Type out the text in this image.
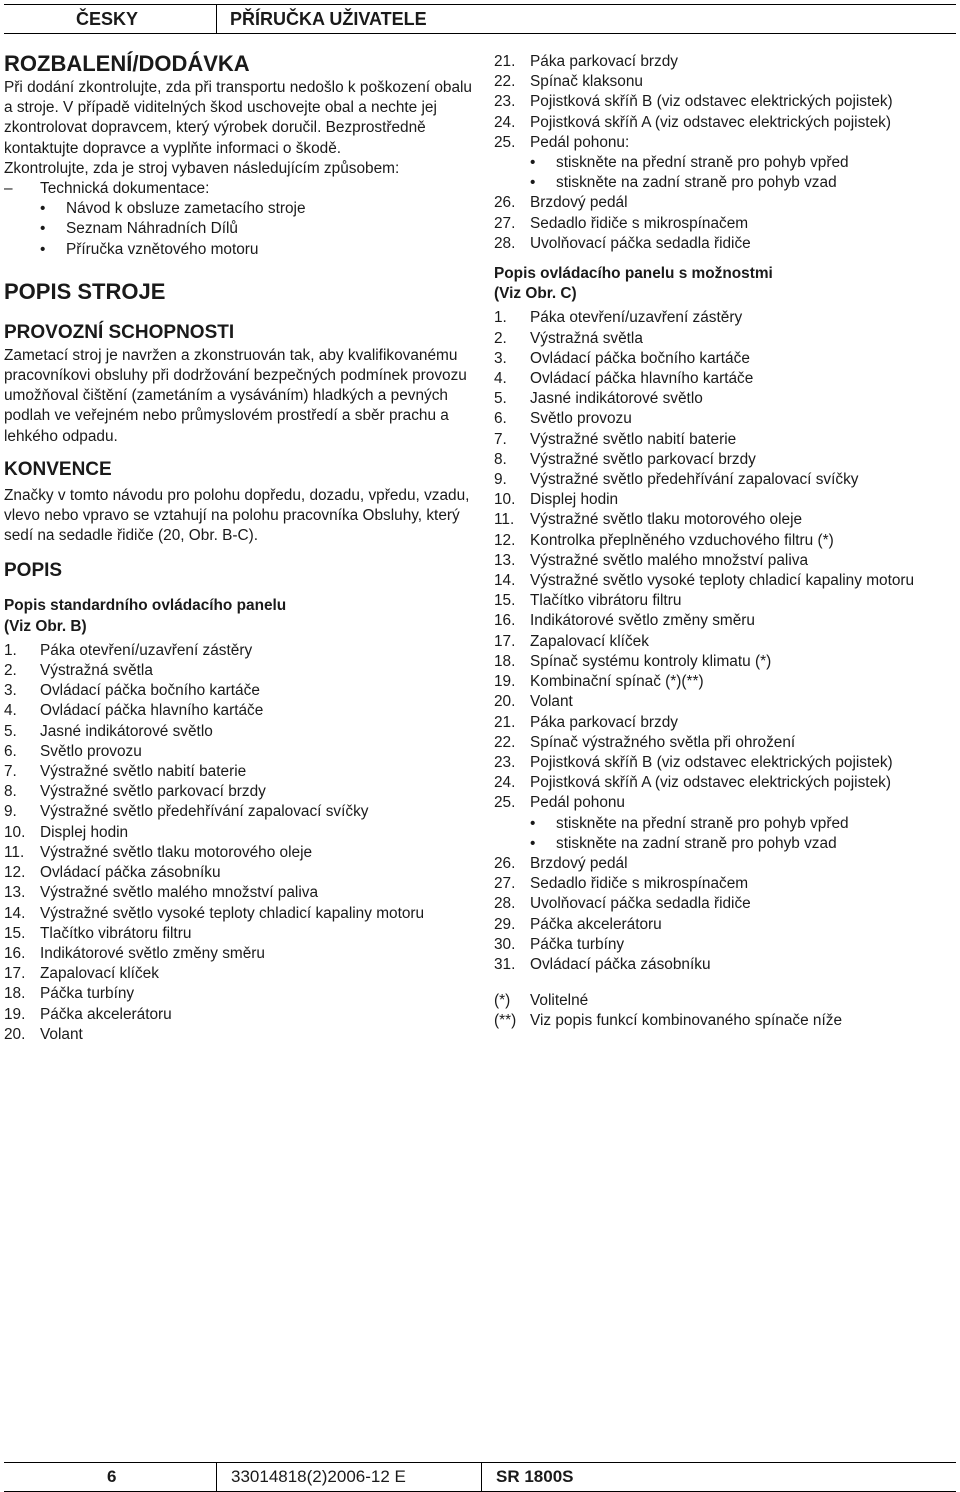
ČESKY	PŘÍRUČKA UŽIVATELE
ROZBALENÍ/DODÁVKA

Při dodání zkontrolujte, zda při transportu nedošlo k poškození obalu a stroje. V případě viditelných škod uschovejte obal a nechte jej zkontrolovat dopravcem, který výrobek doručil. Bezprostředně kontaktujte dopravce a vyplňte informaci o škodě.

Zkontrolujte, zda je stroj vybaven následujícím způsobem:

– Technická dokumentace:
• Návod k obsluze zametacího stroje
• Seznam Náhradních Dílů
• Příručka vznětového motoru
POPIS STROJE
PROVOZNÍ SCHOPNOSTI

Zametací stroj je navržen a zkonstruován tak, aby kvalifikovanému pracovníkovi obsluhy při dodržování bezpečných podmínek provozu umožňoval čištění (zametáním a vysáváním) hladkých a pevných podlah ve veřejném nebo průmyslovém prostředí a sběr prachu a lehkého odpadu.

KONVENCE

Značky v tomto návodu pro polohu dopředu, dozadu, vpředu, vzadu, vlevo nebo vpravo se vztahují na polohu pracovníka Obsluhy, který sedí na sedadle řidiče (20, Obr. B-C).

POPIS
Popis standardního ovládacího panelu
(Viz Obr. B)
1.	Páka otevření/uzavření zástěry
2.	Výstražná světla
3.	Ovládací páčka bočního kartáče
4.	Ovládací páčka hlavního kartáče
5.	Jasné indikátorové světlo
6.	Světlo provozu
7.	Výstražné světlo nabití baterie
8.	Výstražné světlo parkovací brzdy
9.	Výstražné světlo předehřívání zapalovací svíčky
10. Displej hodin
11.	Výstražné světlo tlaku motorového oleje
12. Ovládací páčka zásobníku
13. Výstražné světlo malého množství paliva
14. Výstražné světlo vysoké teploty chladicí kapaliny motoru
15. Tlačítko vibrátoru filtru
16. Indikátorové světlo změny směru
17. Zapalovací klíček
18. Páčka turbíny
19. Páčka akcelerátoru
20. Volant
21. Páka parkovací brzdy
22. Spínač klaksonu
23. Pojistková skříň B (viz odstavec elektrických pojistek)
24. Pojistková skříň A (viz odstavec elektrických pojistek)
25. Pedál pohonu:
• stiskněte na přední straně pro pohyb vpřed
• stiskněte na zadní straně pro pohyb vzad
26. Brzdový pedál
27. Sedadlo řidiče s mikrospínačem
28. Uvolňovací páčka sedadla řidiče
Popis ovládacího panelu s možnostmi
(Viz Obr. C)
1.	Páka otevření/uzavření zástěry
2.	Výstražná světla
3.	Ovládací páčka bočního kartáče
4.	Ovládací páčka hlavního kartáče
5.	Jasné indikátorové světlo
6.	Světlo provozu
7.	Výstražné světlo nabití baterie
8.	Výstražné světlo parkovací brzdy
9.	Výstražné světlo předehřívání zapalovací svíčky
10. Displej hodin
11.	Výstražné světlo tlaku motorového oleje
12. Kontrolka přeplněného vzduchového filtru (*)
13. Výstražné světlo malého množství paliva
14. Výstražné světlo vysoké teploty chladicí kapaliny motoru
15. Tlačítko vibrátoru filtru
16. Indikátorové světlo změny směru
17. Zapalovací klíček
18. Spínač systému kontroly klimatu (*)
19. Kombinační spínač (*)(**)
20. Volant
21. Páka parkovací brzdy
22. Spínač výstražného světla při ohrožení
23. Pojistková skříň B (viz odstavec elektrických pojistek)
24. Pojistková skříň A (viz odstavec elektrických pojistek)
25. Pedál pohonu
• stiskněte na přední straně pro pohyb vpřed
• stiskněte na zadní straně pro pohyb vzad
26. Brzdový pedál
27. Sedadlo řidiče s mikrospínačem
28. Uvolňovací páčka sedadla řidiče
29. Páčka akcelerátoru
30. Páčka turbíny
31. Ovládací páčka zásobníku
(*)	Volitelné
(**) Viz popis funkcí kombinovaného spínače níže
6	33014818(2)2006-12 E	SR 1800S
